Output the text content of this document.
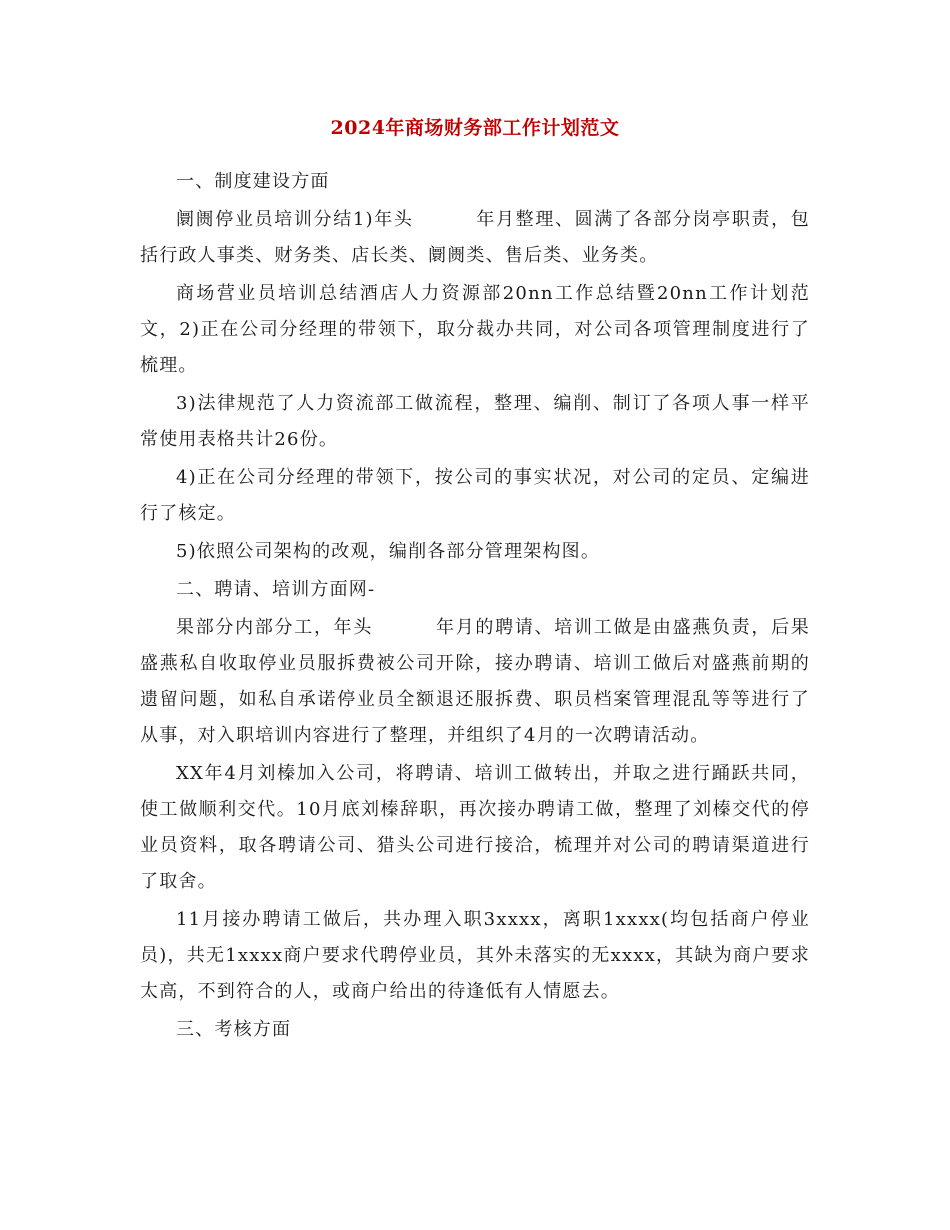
2024年商场财务部工作计划范文

一、制度建设方面

阛阓停业员培训分结1)年头年月整理、圆满了各部分岗亭职责，包括行政人事类、财务类、店长类、阛阓类、售后类、业务类。

商场营业员培训总结酒店人力资源部20nn工作总结暨20nn工作计划范文，2)正在公司分经理的带领下，取分裁办共同，对公司各项管理制度进行了梳理。

3)法律规范了人力资流部工做流程，整理、编削、制订了各项人事一样平常使用表格共计26份。

4)正在公司分经理的带领下，按公司的事实状况，对公司的定员、定编进行了核定。

5)依照公司架构的改观，编削各部分管理架构图。

二、聘请、培训方面网-

果部分内部分工，年头年月的聘请、培训工做是由盛燕负责，后果盛燕私自收取停业员服拆费被公司开除，接办聘请、培训工做后对盛燕前期的遗留问题，如私自承诺停业员全额退还服拆费、职员档案管理混乱等等进行了从事，对入职培训内容进行了整理，并组织了4月的一次聘请活动。

XX年4月刘榛加入公司，将聘请、培训工做转出，并取之进行踊跃共同，使工做顺利交代。10月底刘榛辞职，再次接办聘请工做，整理了刘榛交代的停业员资料，取各聘请公司、猎头公司进行接洽，梳理并对公司的聘请渠道进行了取舍。

11月接办聘请工做后，共办理入职3xxxx，离职1xxxx(均包括商户停业员)，共无1xxxx商户要求代聘停业员，其外未落实的无xxxx，其缺为商户要求太高，不到符合的人，或商户给出的待逢低有人情愿去。

三、考核方面
